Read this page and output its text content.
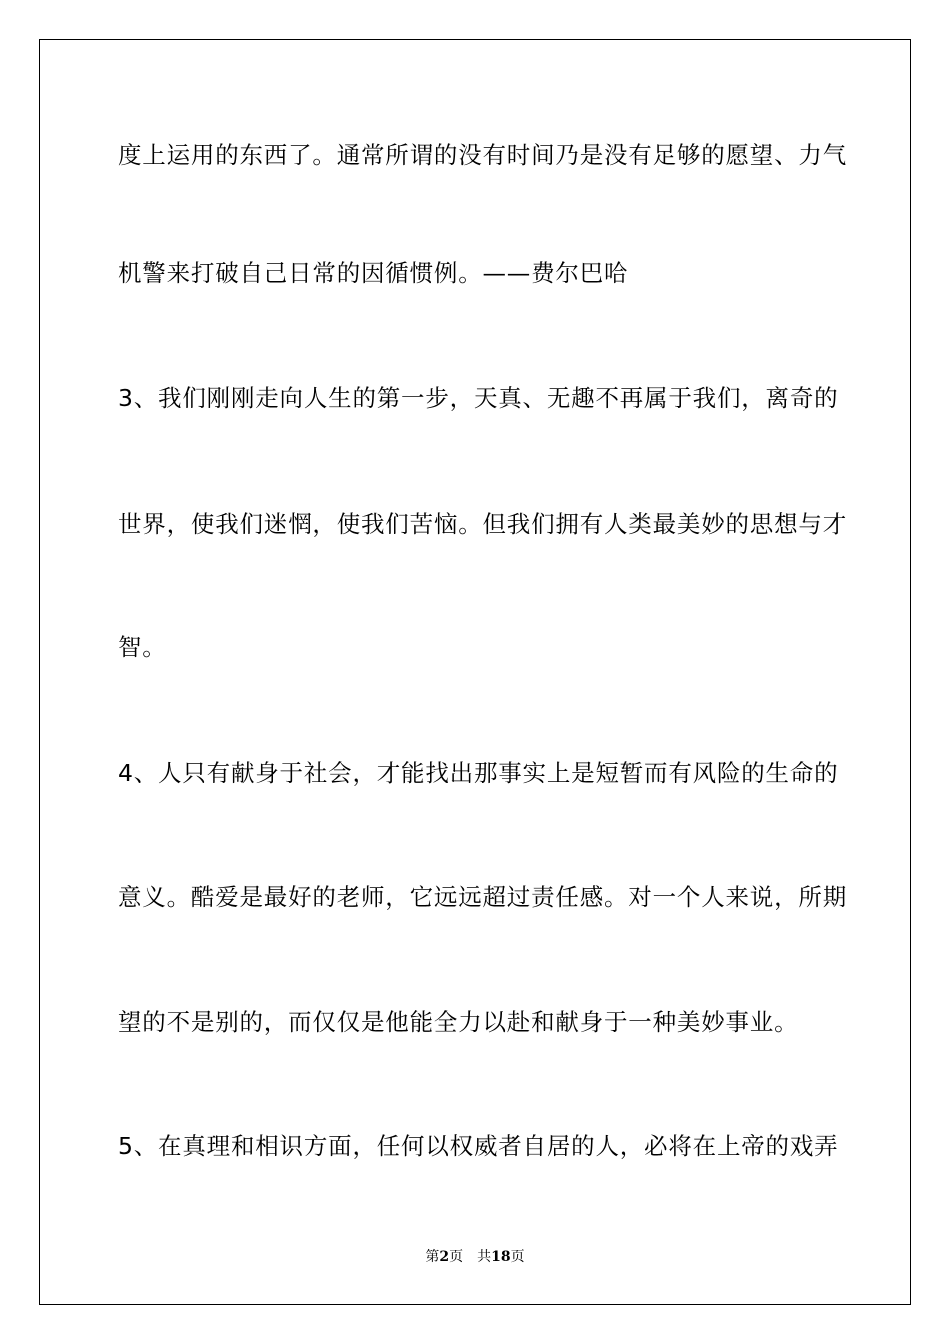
度上运用的东西了。通常所谓的没有时间乃是没有足够的愿望、力气
机警来打破自己日常的因循惯例。——费尔巴哈
3、我们刚刚走向人生的第一步，天真、无趣不再属于我们，离奇的
世界，使我们迷惘，使我们苦恼。但我们拥有人类最美妙的思想与才
智。
4、人只有献身于社会，才能找出那事实上是短暂而有风险的生命的
意义。酷爱是最好的老师，它远远超过责任感。对一个人来说，所期
望的不是别的，而仅仅是他能全力以赴和献身于一种美妙事业。
5、在真理和相识方面，任何以权威者自居的人，必将在上帝的戏弄
第2页 共18页
